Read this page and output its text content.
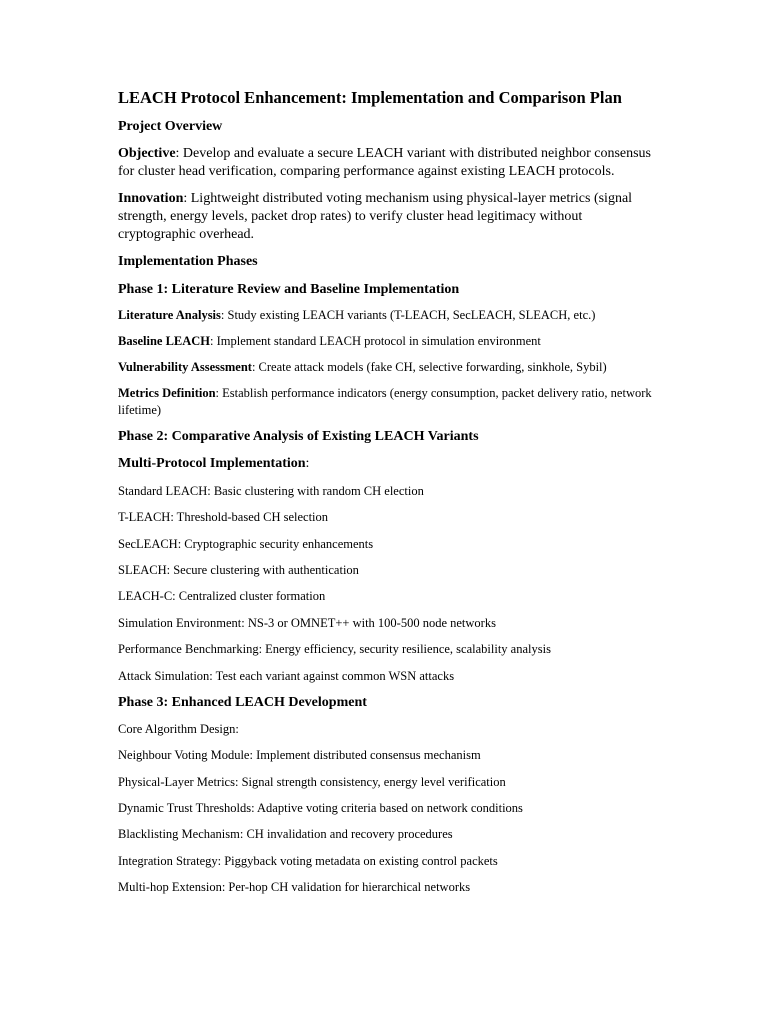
LEACH Protocol Enhancement: Implementation and Comparison Plan
Project Overview
Objective: Develop and evaluate a secure LEACH variant with distributed neighbor consensus for cluster head verification, comparing performance against existing LEACH protocols.
Innovation: Lightweight distributed voting mechanism using physical-layer metrics (signal strength, energy levels, packet drop rates) to verify cluster head legitimacy without cryptographic overhead.
Implementation Phases
Phase 1: Literature Review and Baseline Implementation
Literature Analysis: Study existing LEACH variants (T-LEACH, SecLEACH, SLEACH, etc.)
Baseline LEACH: Implement standard LEACH protocol in simulation environment
Vulnerability Assessment: Create attack models (fake CH, selective forwarding, sinkhole, Sybil)
Metrics Definition: Establish performance indicators (energy consumption, packet delivery ratio, network lifetime)
Phase 2: Comparative Analysis of Existing LEACH Variants
Multi-Protocol Implementation:
Standard LEACH: Basic clustering with random CH election
T-LEACH: Threshold-based CH selection
SecLEACH: Cryptographic security enhancements
SLEACH: Secure clustering with authentication
LEACH-C: Centralized cluster formation
Simulation Environment: NS-3 or OMNET++ with 100-500 node networks
Performance Benchmarking: Energy efficiency, security resilience, scalability analysis
Attack Simulation: Test each variant against common WSN attacks
Phase 3: Enhanced LEACH Development
Core Algorithm Design:
Neighbour Voting Module: Implement distributed consensus mechanism
Physical-Layer Metrics: Signal strength consistency, energy level verification
Dynamic Trust Thresholds: Adaptive voting criteria based on network conditions
Blacklisting Mechanism: CH invalidation and recovery procedures
Integration Strategy: Piggyback voting metadata on existing control packets
Multi-hop Extension: Per-hop CH validation for hierarchical networks
